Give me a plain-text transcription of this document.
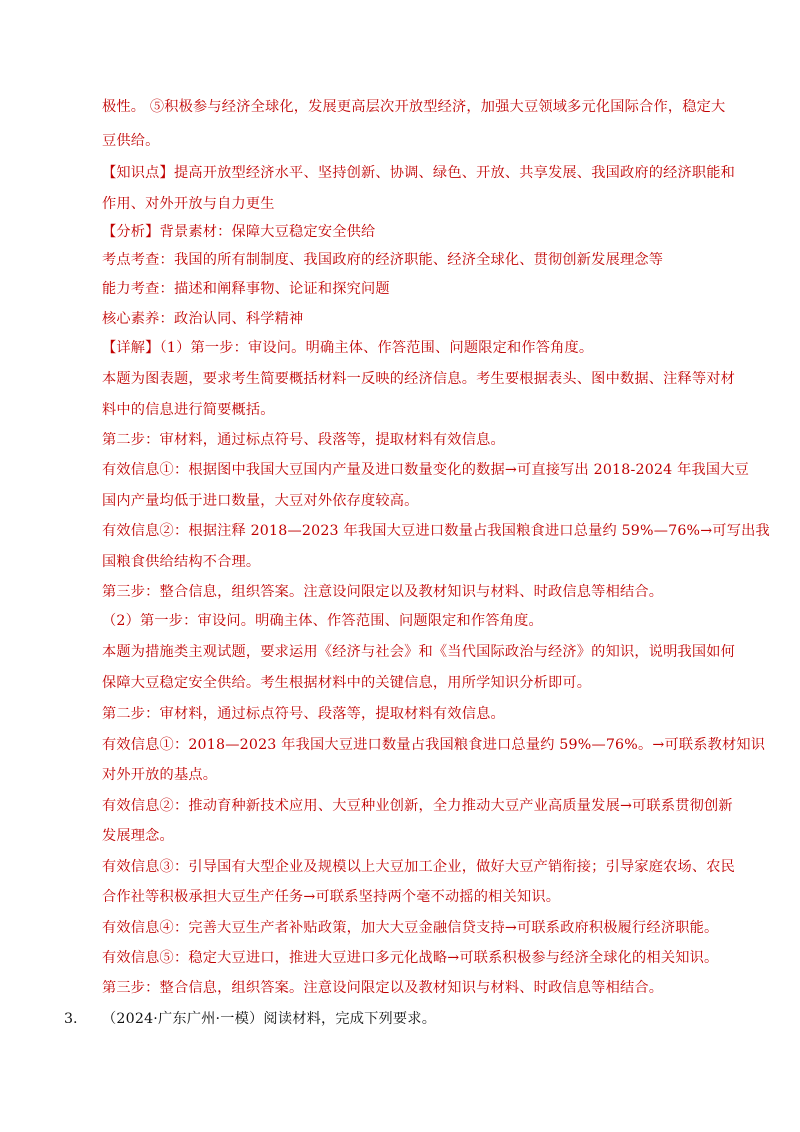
极性。 ⑤积极参与经济全球化，发展更高层次开放型经济，加强大豆领域多元化国际合作，稳定大
豆供给。
【知识点】提高开放型经济水平、坚持创新、协调、绿色、开放、共享发展、我国政府的经济职能和
作用、对外开放与自力更生
【分析】背景素材：保障大豆稳定安全供给
考点考查：我国的所有制制度、我国政府的经济职能、经济全球化、贯彻创新发展理念等
能力考查：描述和阐释事物、论证和探究问题
核心素养：政治认同、科学精神
【详解】（1）第一步：审设问。明确主体、作答范围、问题限定和作答角度。
本题为图表题，要求考生简要概括材料一反映的经济信息。考生要根据表头、图中数据、注释等对材
料中的信息进行简要概括。
第二步：审材料，通过标点符号、段落等，提取材料有效信息。
有效信息①：根据图中我国大豆国内产量及进口数量变化的数据→可直接写出 2018-2024 年我国大豆
国内产量均低于进口数量，大豆对外依存度较高。
有效信息②：根据注释 2018—2023 年我国大豆进口数量占我国粮食进口总量约 59%—76%→可写出我
国粮食供给结构不合理。
第三步：整合信息，组织答案。注意设问限定以及教材知识与材料、时政信息等相结合。
（2）第一步：审设问。明确主体、作答范围、问题限定和作答角度。
本题为措施类主观试题，要求运用《经济与社会》和《当代国际政治与经济》的知识，说明我国如何
保障大豆稳定安全供给。考生根据材料中的关键信息，用所学知识分析即可。
第二步：审材料，通过标点符号、段落等，提取材料有效信息。
有效信息①：2018—2023 年我国大豆进口数量占我国粮食进口总量约 59%—76%。→可联系教材知识
对外开放的基点。
有效信息②：推动育种新技术应用、大豆种业创新，全力推动大豆产业高质量发展→可联系贯彻创新
发展理念。
有效信息③：引导国有大型企业及规模以上大豆加工企业，做好大豆产销衔接；引导家庭农场、农民
合作社等积极承担大豆生产任务→可联系坚持两个毫不动摇的相关知识。
有效信息④：完善大豆生产者补贴政策，加大大豆金融信贷支持→可联系政府积极履行经济职能。
有效信息⑤：稳定大豆进口，推进大豆进口多元化战略→可联系积极参与经济全球化的相关知识。
第三步：整合信息，组织答案。注意设问限定以及教材知识与材料、时政信息等相结合。
3. （2024·广东广州·一模）阅读材料，完成下列要求。
